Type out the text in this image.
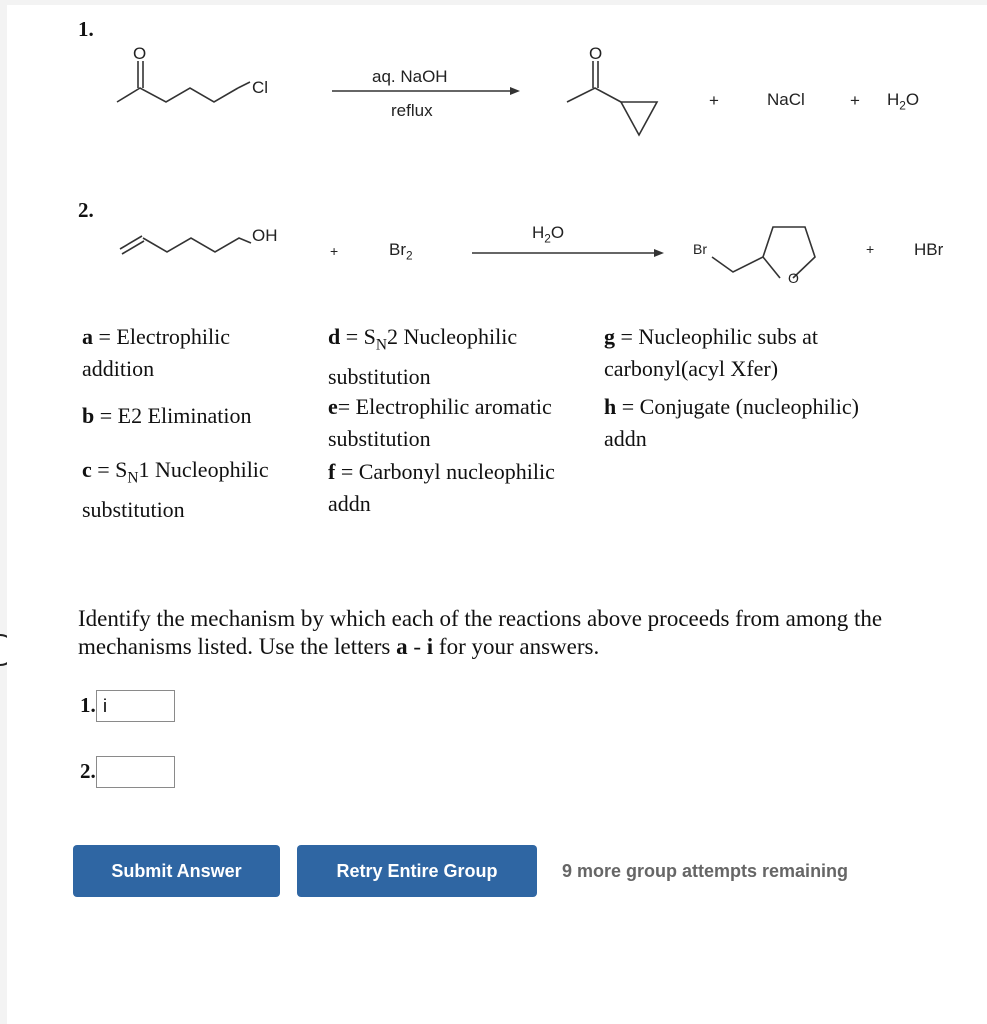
1.
O
Cl
aq. NaOH
reflux
O
+	NaCl	+ $H_2O$
2.
OH
+	$Br_2$
$H_2O$
Br
O
+ HBr
a = Electrophilic addition
b = E2 Elimination
$c = S_N1$ Nucleophilic substitution
$d = S_N2$ Nucleophilic substitution
e= Electrophilic aromatic substitution
f = Carbonyl nucleophilic addn
g = Nucleophilic subs at carbonyl(acyl Xfer)
h = Conjugate (nucleophilic) addn
Identify the mechanism by which each of the reactions above proceeds from among the mechanisms listed. Use the letters a - i for your answers.
1.
i
2.
Submit Answer	Retry Entire Group	9 more group attempts remaining
